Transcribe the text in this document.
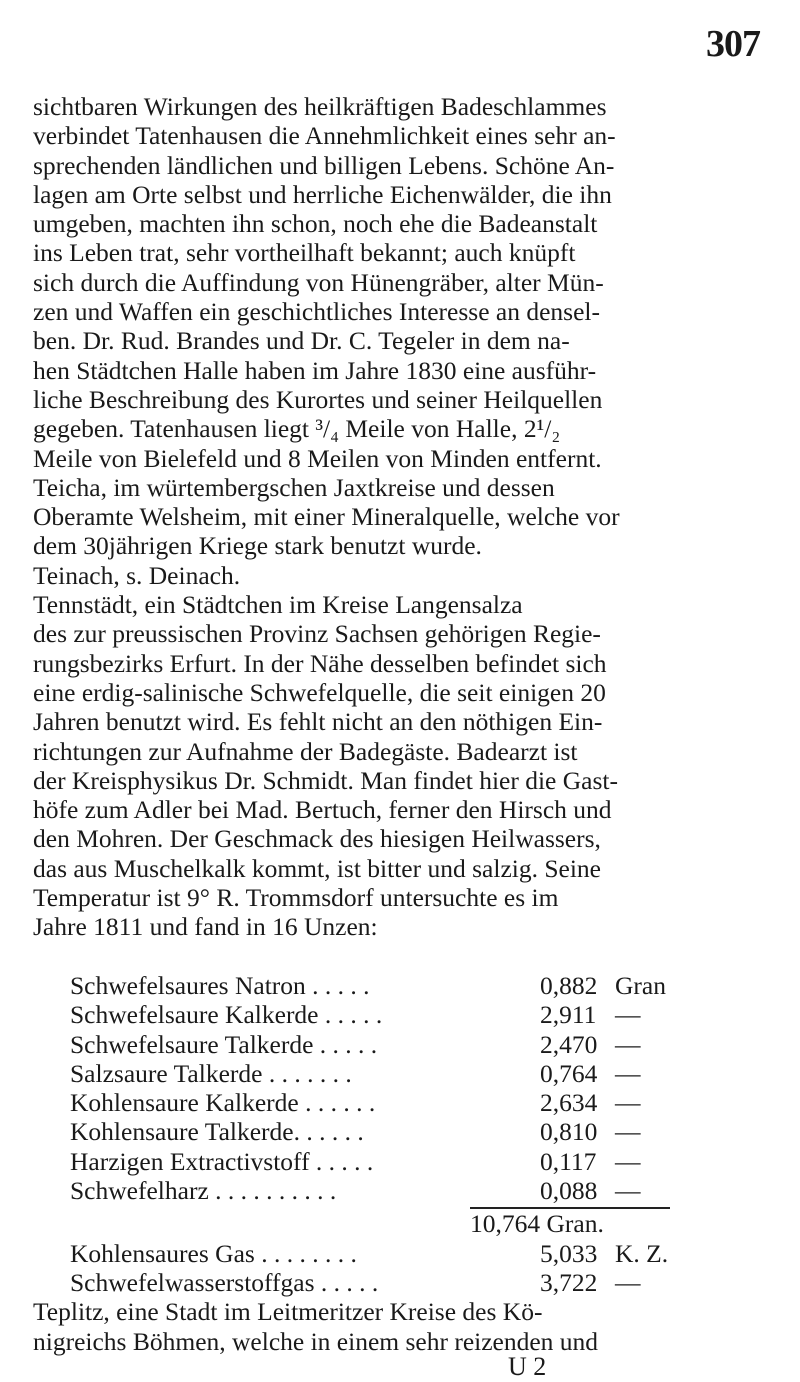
307
sichtbaren Wirkungen des heilkräftigen Badeschlammes
verbindet Tatenhausen die Annehmlichkeit eines sehr an-
sprechenden ländlichen und billigen Lebens. Schöne An-
lagen am Orte selbst und herrliche Eichenwälder, die ihn
umgeben, machten ihn schon, noch ehe die Badeanstalt
ins Leben trat, sehr vortheilhaft bekannt; auch knüpft
sich durch die Auffindung von Hünengräber, alter Mün-
zen und Waffen ein geschichtliches Interesse an densel-
ben. Dr. Rud. Brandes und Dr. C. Tegeler in dem na-
hen Städtchen Halle haben im Jahre 1830 eine ausführ-
liche Beschreibung des Kurortes und seiner Heilquellen
gegeben. Tatenhausen liegt ³/₄ Meile von Halle, 2¹/₂
Meile von Bielefeld und 8 Meilen von Minden entfernt.
Teicha, im würtembergschen Jaxtkreise und dessen
Oberamte Welsheim, mit einer Mineralquelle, welche vor
dem 30jährigen Kriege stark benutzt wurde.
Teinach, s. Deinach.
Tennstädt, ein Städtchen im Kreise Langensalza
des zur preussischen Provinz Sachsen gehörigen Regie-
rungsbezirks Erfurt. In der Nähe desselben befindet sich
eine erdig-salinische Schwefelquelle, die seit einigen 20
Jahren benutzt wird. Es fehlt nicht an den nöthigen Ein-
richtungen zur Aufnahme der Badegäste. Badearzt ist
der Kreisphysikus Dr. Schmidt. Man findet hier die Gast-
höfe zum Adler bei Mad. Bertuch, ferner den Hirsch und
den Mohren. Der Geschmack des hiesigen Heilwassers,
das aus Muschelkalk kommt, ist bitter und salzig. Seine
Temperatur ist 9° R. Trommsdorf untersuchte es im
Jahre 1811 und fand in 16 Unzen:
Schwefelsaures Natron . . . . .	0,882 Gran
Schwefelsaure Kalkerde . . . . .	2,911 —
Schwefelsaure Talkerde . . . . .	2,470 —
Salzsaure Talkerde . . . . . . .	0,764 —
Kohlensaure Kalkerde . . . . . .	2,634 —
Kohlensaure Talkerde. . . . . .	0,810 —
Harzigen Extractivstoff . . . . .	0,117 —
Schwefelharz . . . . . . . . . .	0,088 —
10,764 Gran.
Kohlensaures Gas . . . . . . . .	5,033 K. Z.
Schwefelwasserstoffgas . . . . .	3,722 —
U 2
Teplitz, eine Stadt im Leitmeritzer Kreise des Kö-
nigreichs Böhmen, welche in einem sehr reizenden und
